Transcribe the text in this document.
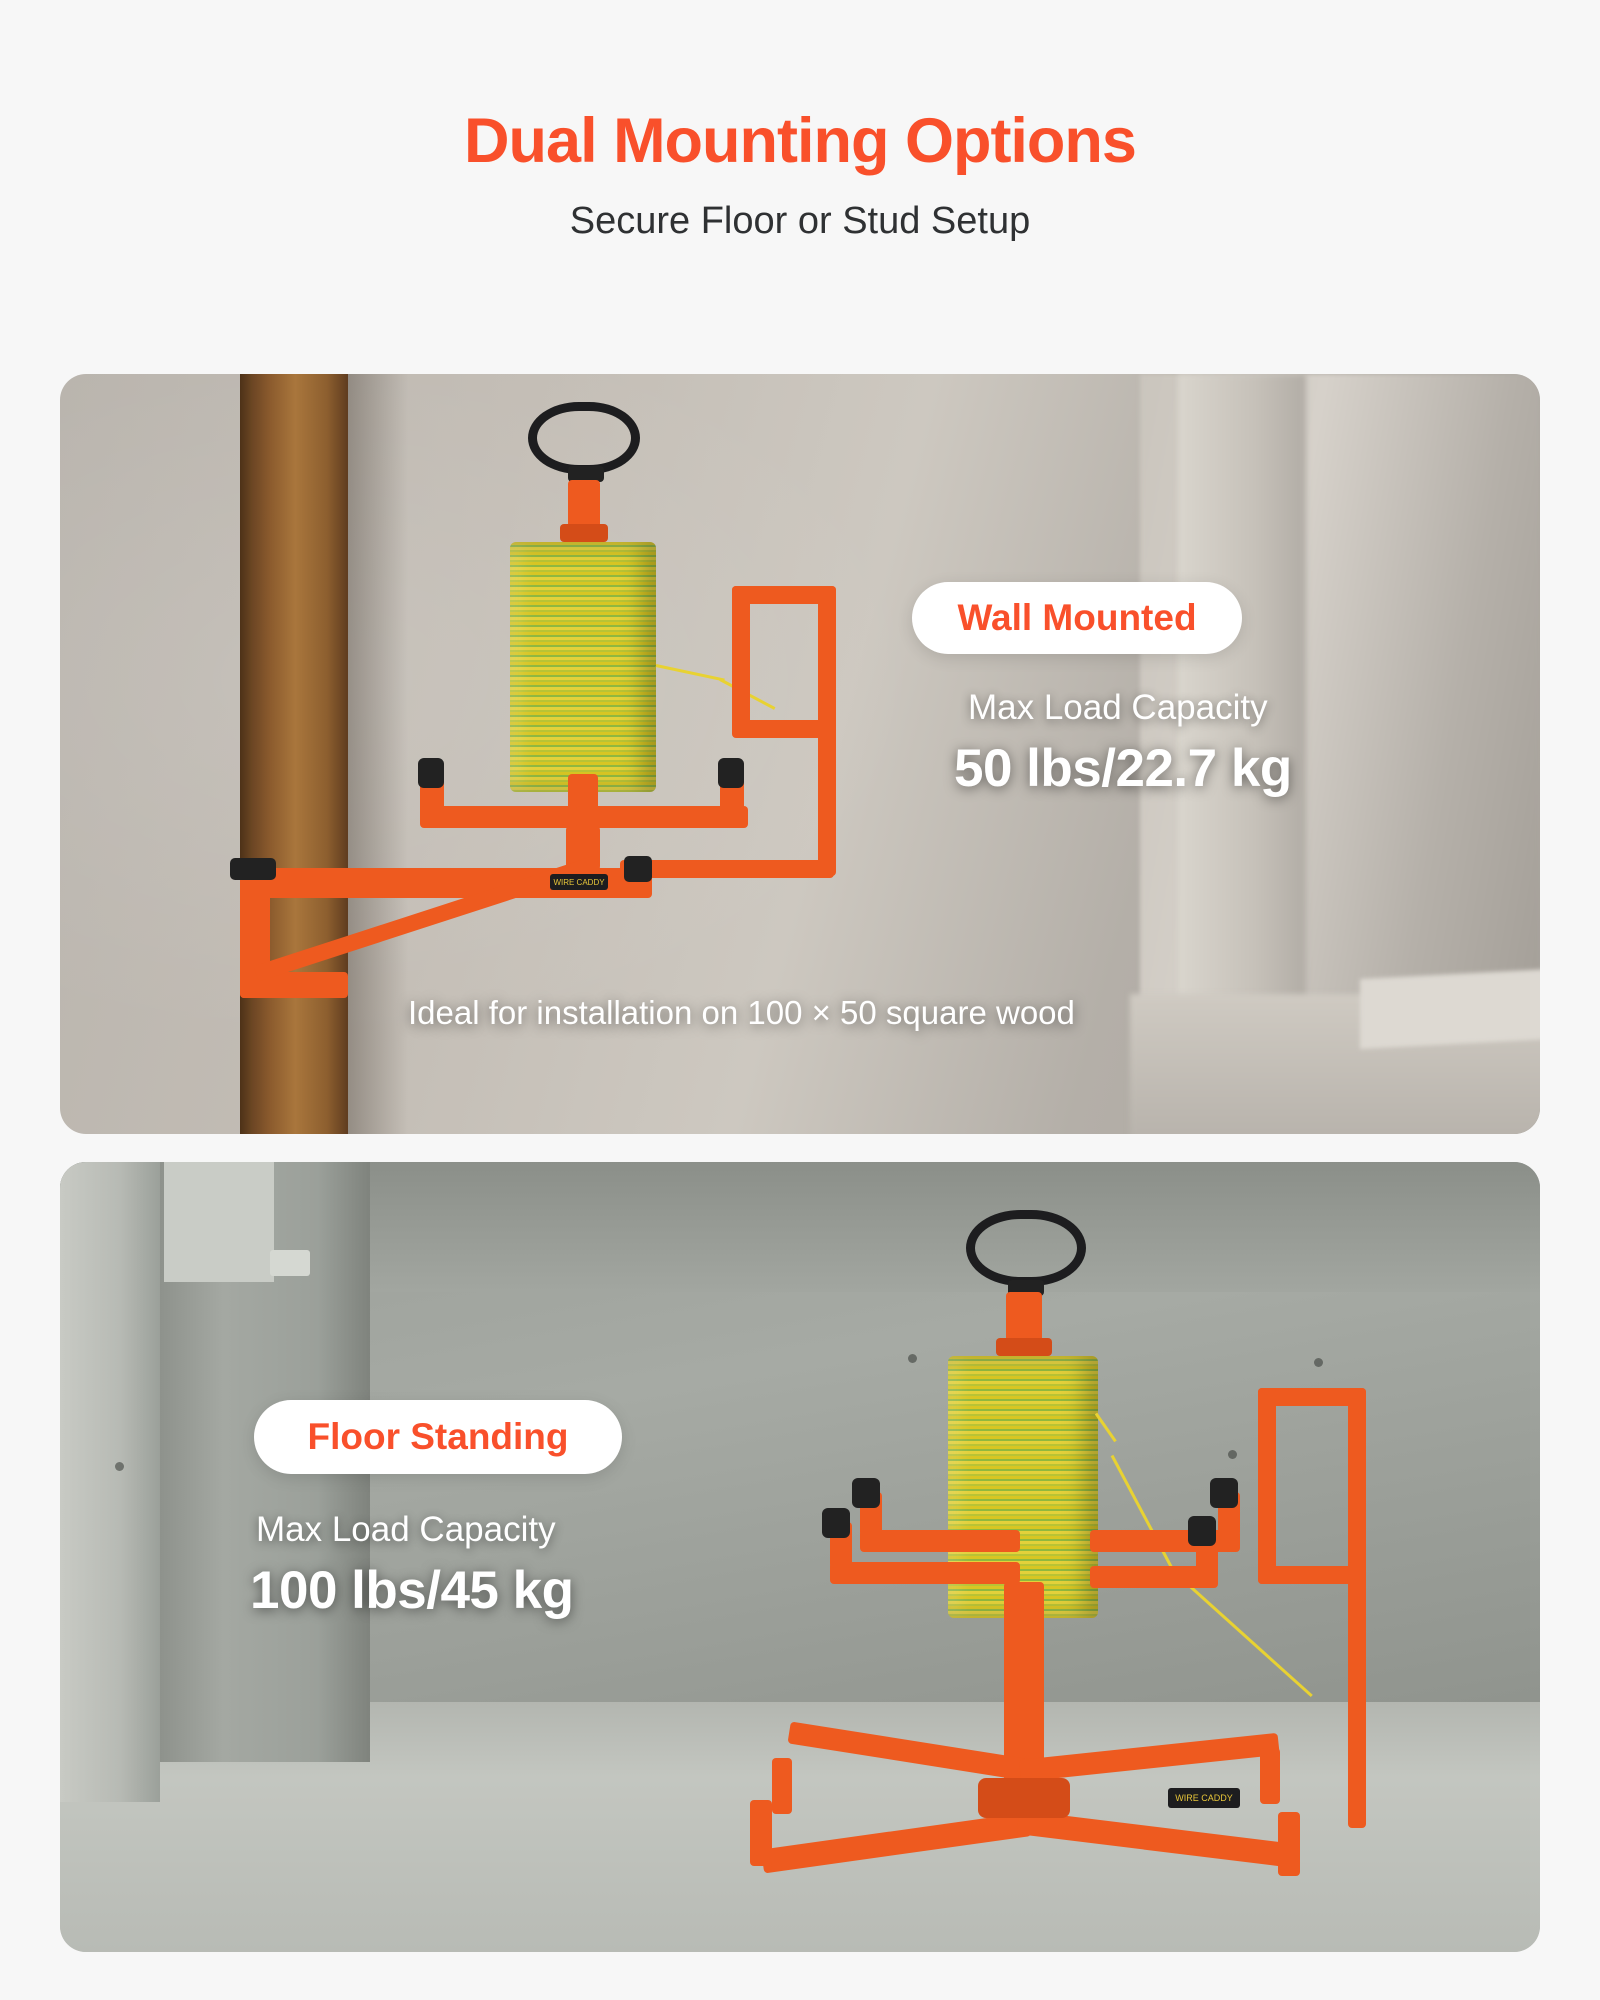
Dual Mounting Options
Secure Floor or Stud Setup
WIRE CADDY
Wall Mounted
Max Load Capacity
50 lbs/22.7 kg
Ideal for installation on 100 × 50 square wood
WIRE CADDY
Floor Standing
Max Load Capacity
100 lbs/45 kg
